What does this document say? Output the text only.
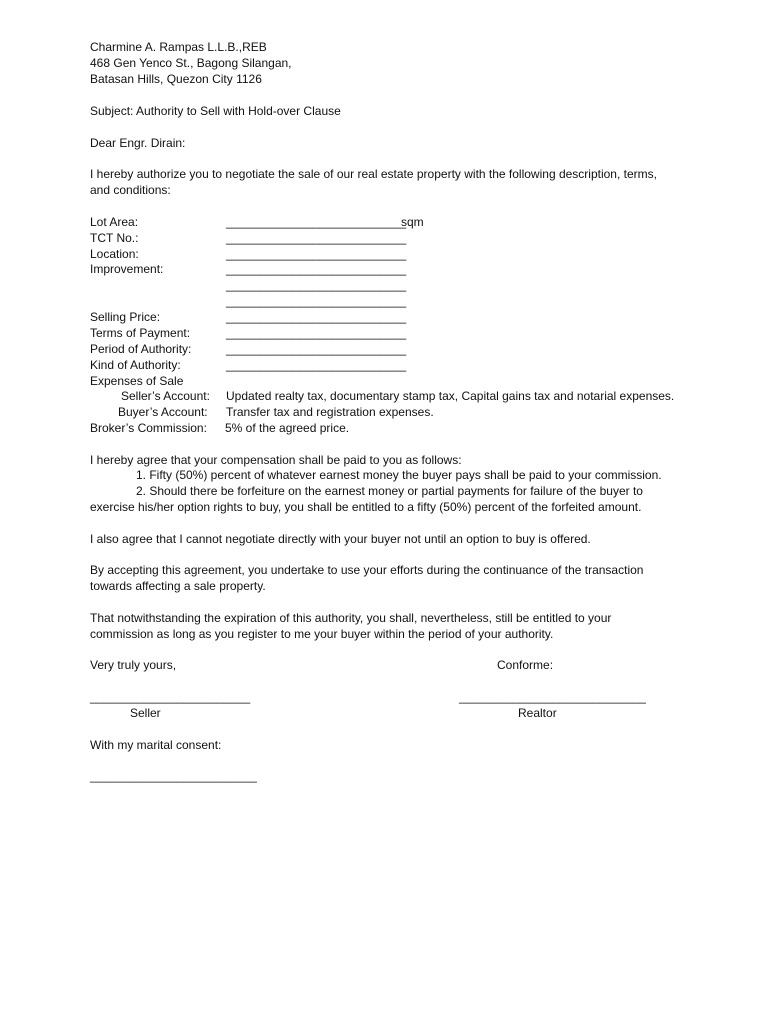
Charmine A. Rampas L.L.B.,REB
468 Gen Yenco St., Bagong Silangan,
Batasan Hills, Quezon City 1126
Subject: Authority to Sell with Hold-over Clause
Dear Engr. Dirain:
I hereby authorize you to negotiate the sale of our real estate property with the following description, terms,
and conditions:
Lot Area:	___________________________
sqm
TCT No.:	___________________________
Location:	___________________________
Improvement:	___________________________
___________________________
___________________________
Selling Price:	___________________________
Terms of Payment:	___________________________
Period of Authority:	___________________________
Kind of Authority:	___________________________
Expenses of Sale
Seller’s Account: Updated realty tax, documentary stamp tax, Capital gains tax and notarial expenses.
Buyer’s Account: Transfer tax and registration expenses.
Broker’s Commission: 5% of the agreed price.
I hereby agree that your compensation shall be paid to you as follows:
1. Fifty (50%) percent of whatever earnest money the buyer pays shall be paid to your commission.
2. Should there be forfeiture on the earnest money or partial payments for failure of the buyer to
exercise his/her option rights to buy, you shall be entitled to a fifty (50%) percent of the forfeited amount.
I also agree that I cannot negotiate directly with your buyer not until an option to buy is offered.
By accepting this agreement, you undertake to use your efforts during the continuance of the transaction
towards affecting a sale property.
That notwithstanding the expiration of this authority, you shall, nevertheless, still be entitled to your
commission as long as you register to me your buyer within the period of your authority.
Very truly yours,	Conforme:
________________________	____________________________
Seller	Realtor
With my marital consent:
_________________________
